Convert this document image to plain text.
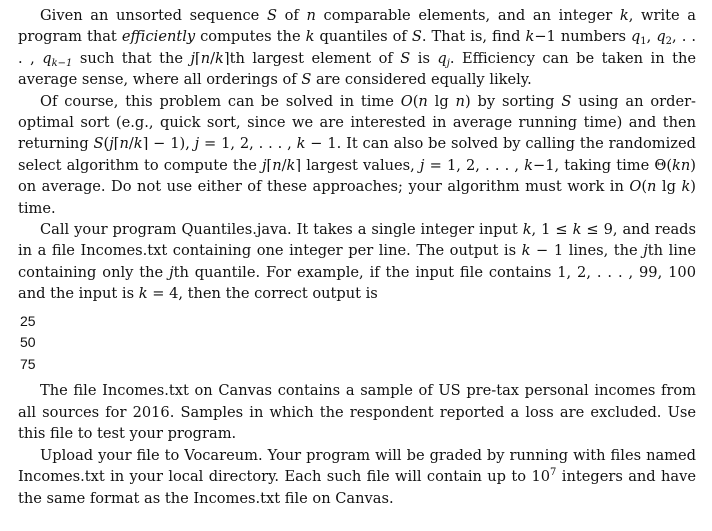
Given an unsorted sequence S of n comparable elements, and an integer k, write a program that efficiently computes the k quantiles of S. That is, find k−1 numbers $q_1$, $q_2$, . . . , $q_{k-1}$ such that the j⌈n/k⌉th largest element of S is $q_j$. Efficiency can be taken in the average sense, where all orderings of S are considered equally likely.

Of course, this problem can be solved in time O(n lg n) by sorting S using an order-optimal sort (e.g., quick sort, since we are interested in average running time) and then returning S(j⌈n/k⌉ − 1), j = 1, 2, . . . , k − 1. It can also be solved by calling the randomized select algorithm to compute the j⌈n/k⌉ largest values, j = 1, 2, . . . , k−1, taking time Θ(kn) on average. Do not use either of these approaches; your algorithm must work in O(n lg k) time.

Call your program Quantiles.java. It takes a single integer input k, 1 ≤ k ≤ 9, and reads in a file Incomes.txt containing one integer per line. The output is k − 1 lines, the jth line containing only the jth quantile. For example, if the input file contains 1, 2, . . . , 99, 100 and the input is k = 4, then the correct output is

25
50
75

The file Incomes.txt on Canvas contains a sample of US pre-tax personal incomes from all sources for 2016. Samples in which the respondent reported a loss are excluded. Use this file to test your program.

Upload your file to Vocareum. Your program will be graded by running with files named Incomes.txt in your local directory. Each such file will contain up to $10^7$ integers and have the same format as the Incomes.txt file on Canvas.
